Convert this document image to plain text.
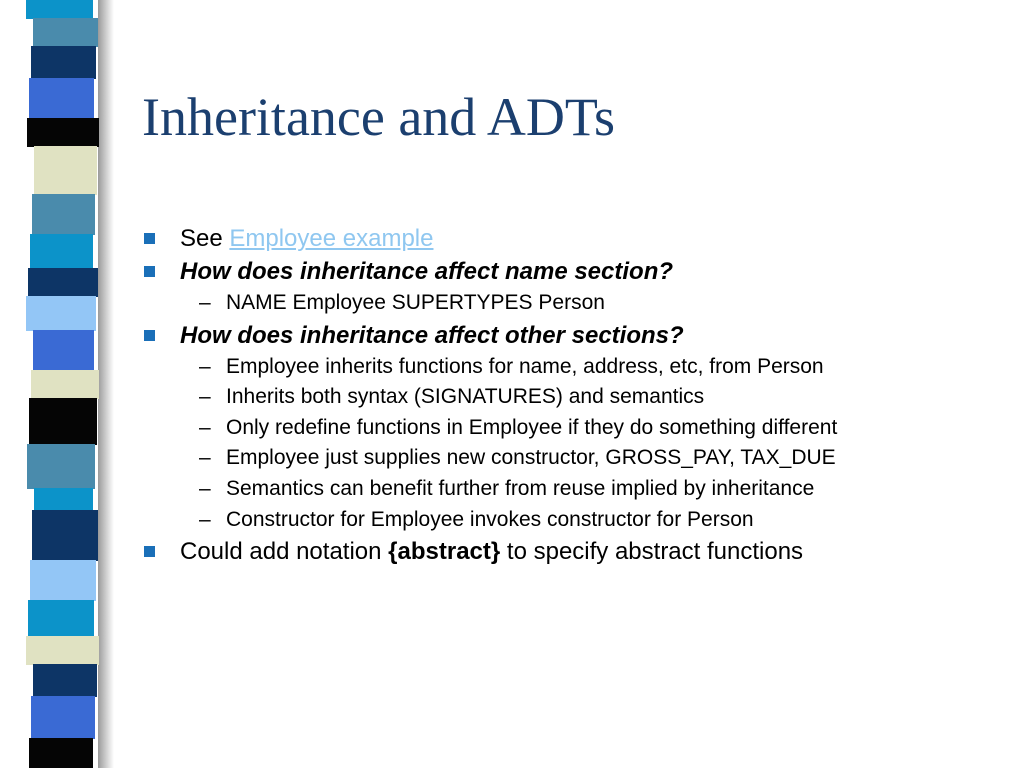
Inheritance and ADTs
See Employee example
How does inheritance affect name section?
– NAME Employee SUPERTYPES Person
How does inheritance affect other sections?
– Employee inherits functions for name, address, etc, from Person
– Inherits both syntax (SIGNATURES) and semantics
– Only redefine functions in Employee if they do something different
– Employee just supplies new constructor, GROSS_PAY, TAX_DUE
– Semantics can benefit further from reuse implied by inheritance
– Constructor for Employee invokes constructor for Person
Could add notation {abstract} to specify abstract functions
